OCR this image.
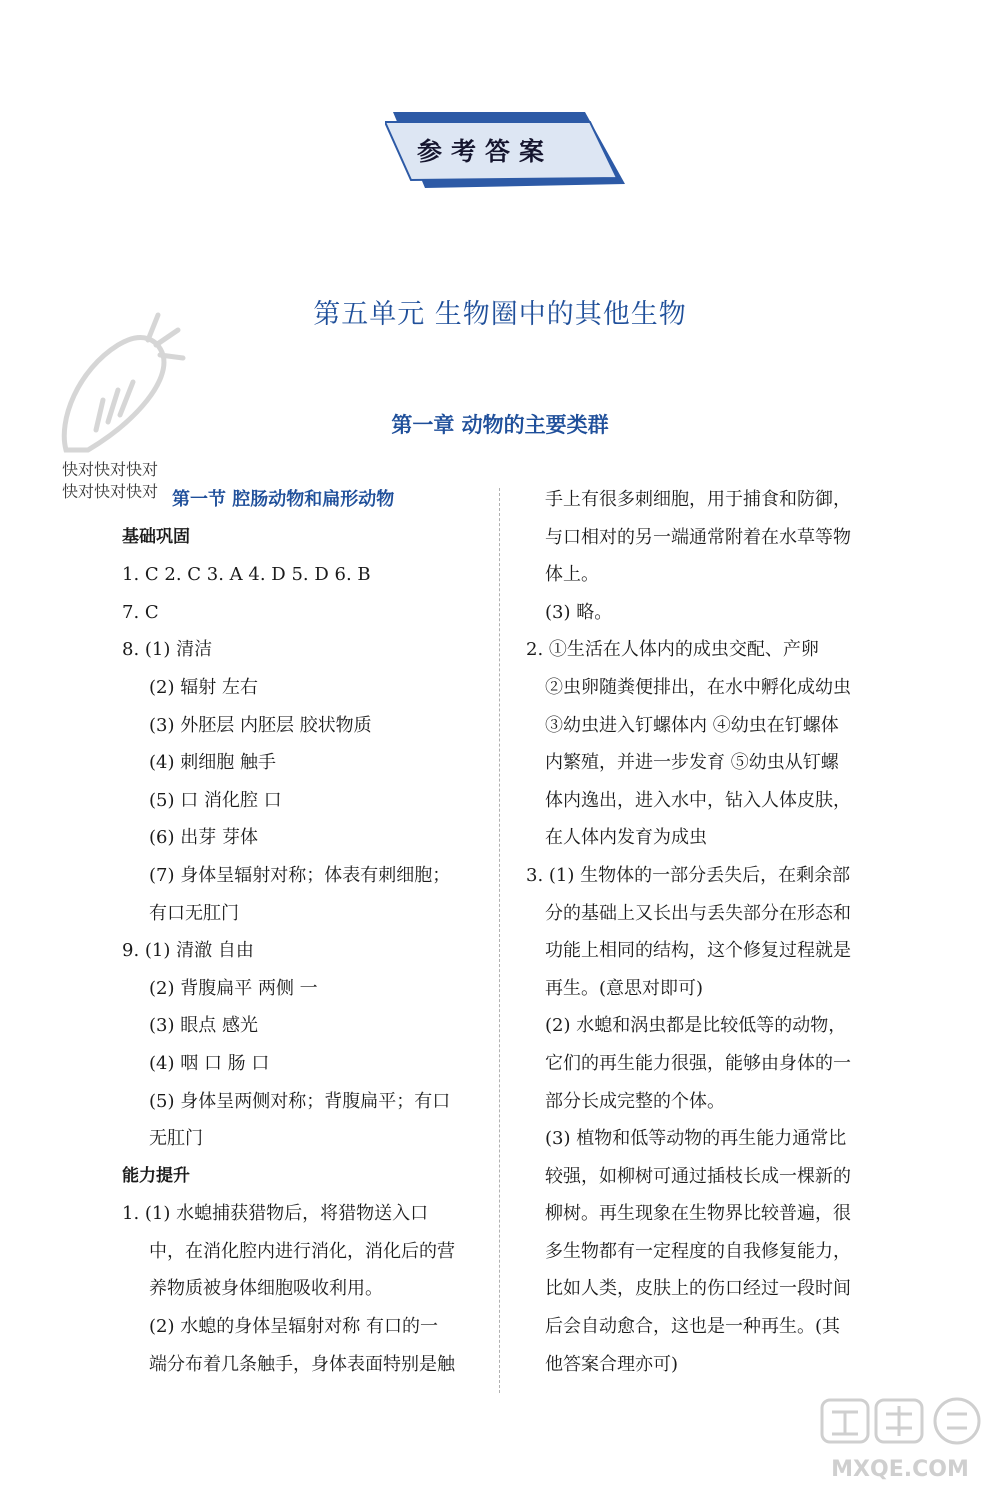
参考答案
第五单元 生物圈中的其他生物
第一章 动物的主要类群
快对快对快对
快对快对快对 第一节 腔肠动物和扁形动物
基础巩固
1. C 2. C 3. A 4. D 5. D 6. B
7. C
8. (1) 清洁
(2) 辐射 左右
(3) 外胚层 内胚层 胶状物质
(4) 刺细胞 触手
(5) 口 消化腔 口
(6) 出芽 芽体
(7) 身体呈辐射对称；体表有刺细胞；
有口无肛门
9. (1) 清澈 自由
(2) 背腹扁平 两侧 一
(3) 眼点 感光
(4) 咽 口 肠 口
(5) 身体呈两侧对称；背腹扁平；有口
无肛门
能力提升
1. (1) 水螅捕获猎物后，将猎物送入口
中，在消化腔内进行消化，消化后的营
养物质被身体细胞吸收利用。
(2) 水螅的身体呈辐射对称 有口的一
端分布着几条触手，身体表面特别是触
手上有很多刺细胞，用于捕食和防御，
与口相对的另一端通常附着在水草等物
体上。
(3) 略。
2. ①生活在人体内的成虫交配、产卵
②虫卵随粪便排出，在水中孵化成幼虫
③幼虫进入钉螺体内 ④幼虫在钉螺体
内繁殖，并进一步发育 ⑤幼虫从钉螺
体内逸出，进入水中，钻入人体皮肤，
在人体内发育为成虫
3. (1) 生物体的一部分丢失后，在剩余部
分的基础上又长出与丢失部分在形态和
功能上相同的结构，这个修复过程就是
再生。(意思对即可)
(2) 水螅和涡虫都是比较低等的动物，
它们的再生能力很强，能够由身体的一
部分长成完整的个体。
(3) 植物和低等动物的再生能力通常比
较强，如柳树可通过插枝长成一棵新的
柳树。再生现象在生物界比较普遍，很
多生物都有一定程度的自我修复能力，
比如人类，皮肤上的伤口经过一段时间
后会自动愈合，这也是一种再生。(其
他答案合理亦可)
MXQE.COM
